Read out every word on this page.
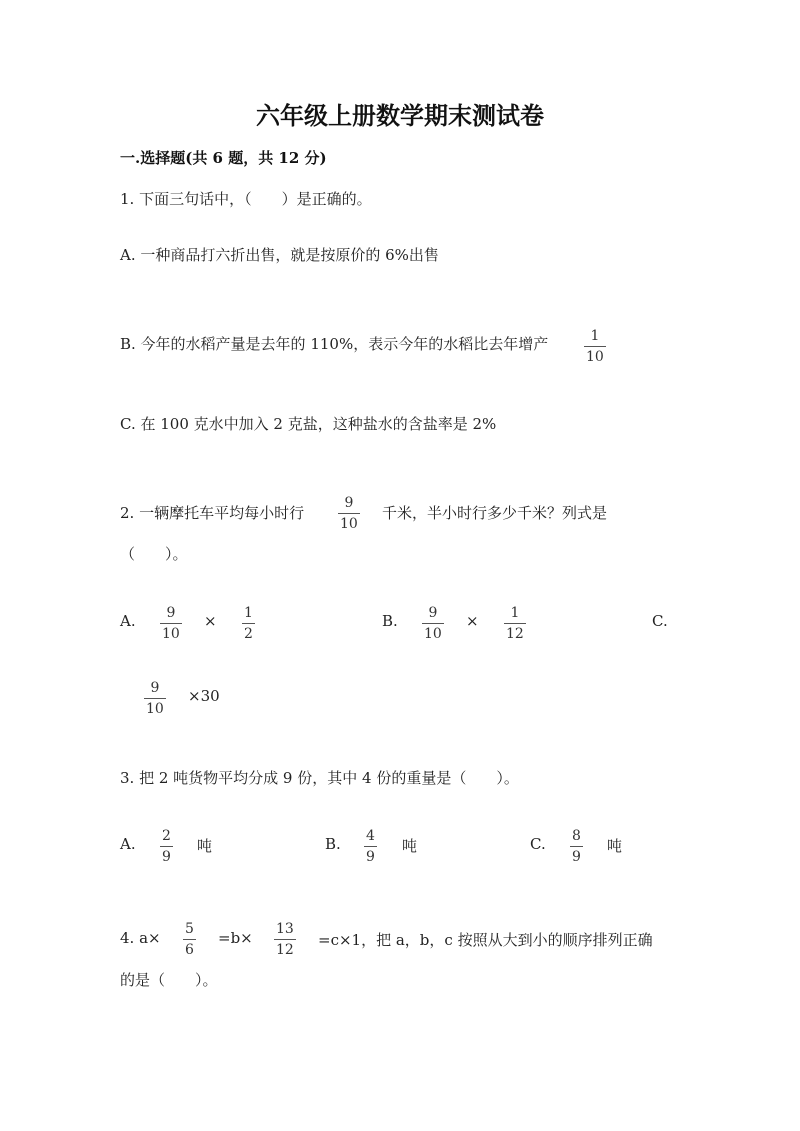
六年级上册数学期末测试卷
一.选择题(共 6 题，共 12 分)
1. 下面三句话中，（　　）是正确的。
A. 一种商品打六折出售，就是按原价的 6%出售
B. 今年的水稻产量是去年的 110%，表示今年的水稻比去年增产	1
10
C. 在 100 克水中加入 2 克盐，这种盐水的含盐率是 2%
2. 一辆摩托车平均每小时行
9
10
千米，半小时行多少千米？列式是
（　　）。
A. 9
10
× 1
2
B. 9
10
× 1
12
C.
9
10
×30
3. 把 2 吨货物平均分成 9 份，其中 4 份的重量是（　　）。
A. 2
9
吨	B. 4
9
吨	C. 8
9
吨
4. a× 5
6
=b× 13
12
=c×1，把 a，b，c 按照从大到小的顺序排列正确
的是（　　）。
